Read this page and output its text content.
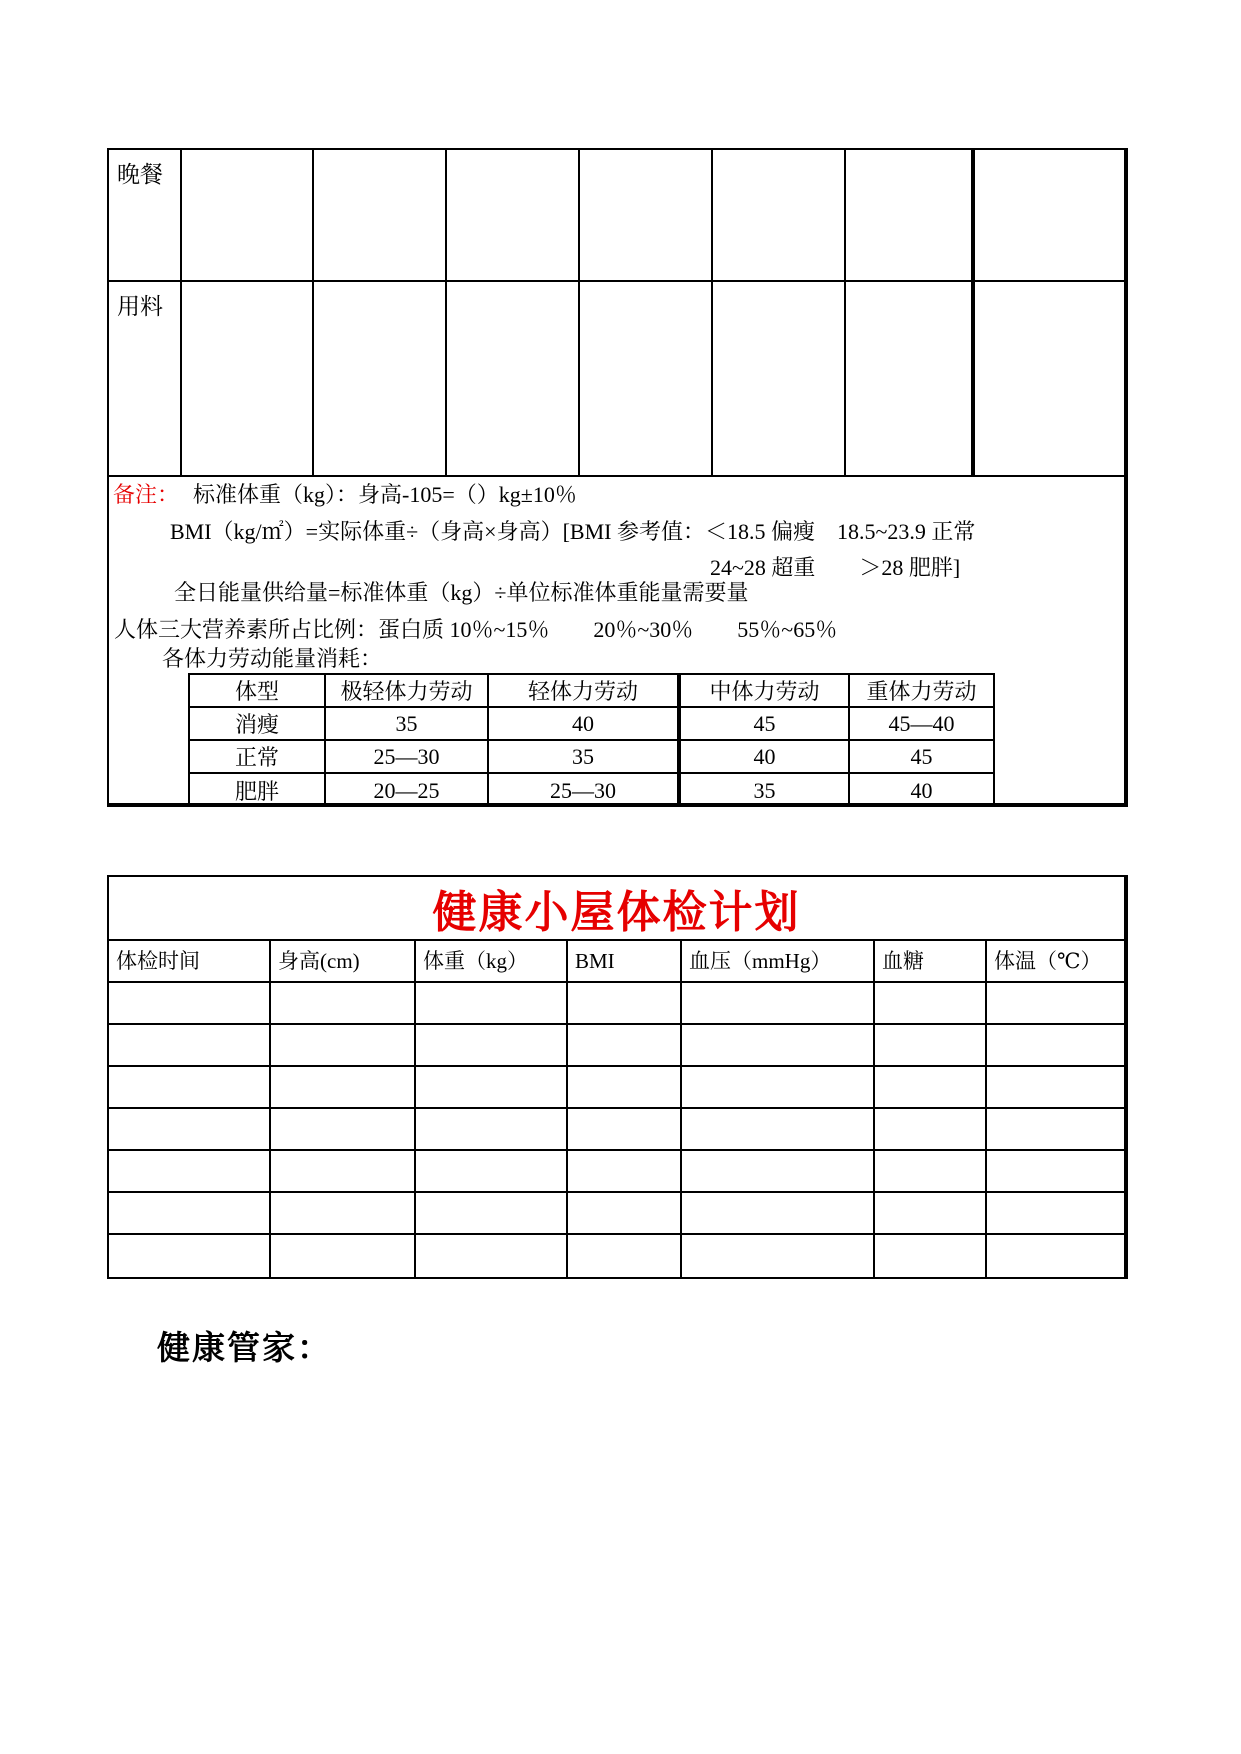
晚餐
用料
备注： 标准体重（kg）：身高-105=（）kg±10％
BMI（kg/㎡）=实际体重÷（身高×身高）[BMI 参考值：＜18.5 偏瘦　18.5~23.9 正常
24~28 超重　　＞28 肥胖]
全日能量供给量=标准体重（kg）÷单位标准体重能量需要量
人体三大营养素所占比例：蛋白质 10％~15％　　20％~30％　　55％~65％
各体力劳动能量消耗：
体型	极轻体力劳动	轻体力劳动	中体力劳动	重体力劳动
消瘦	35	40	45	45—40
正常	25—30	35	40	45
肥胖	20—25	25—30	35	40
健康小屋体检计划
体检时间	身高(cm)	体重（kg）	BMI	血压（mmHg）	血糖	体温（℃）
健康管家：
